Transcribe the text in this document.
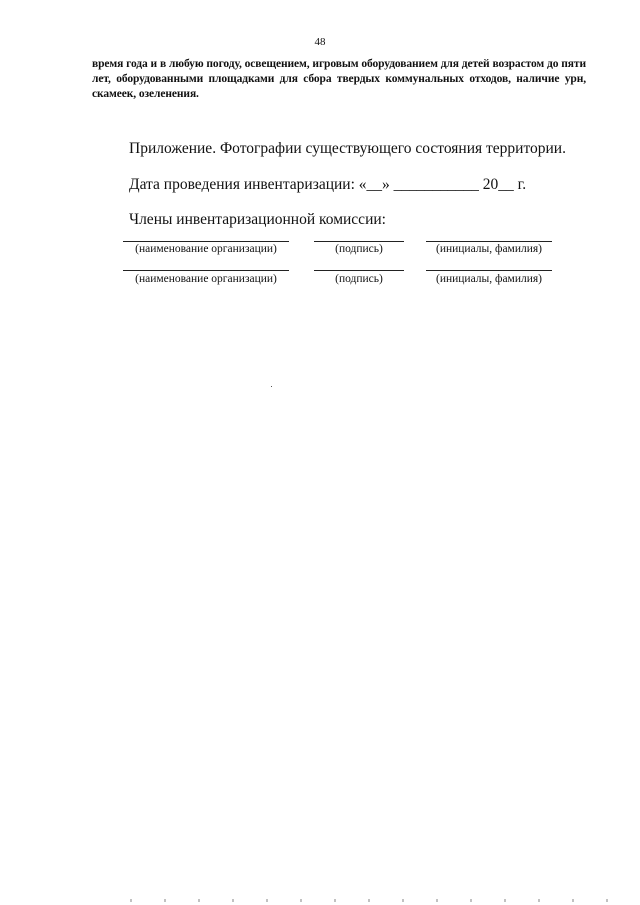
48
время года и в любую погоду, освещением, игровым оборудованием для детей возрастом до пяти лет, оборудованными площадками для сбора твердых коммунальных отходов, наличие урн, скамеек, озеленения.
Приложение. Фотографии существующего состояния территории.
Дата проведения инвентаризации: «__» ___________ 20__ г.
Члены инвентаризационной комиссии:
(наименование организации)	(подпись)	(инициалы, фамилия)
(наименование организации)	(подпись)	(инициалы, фамилия)
